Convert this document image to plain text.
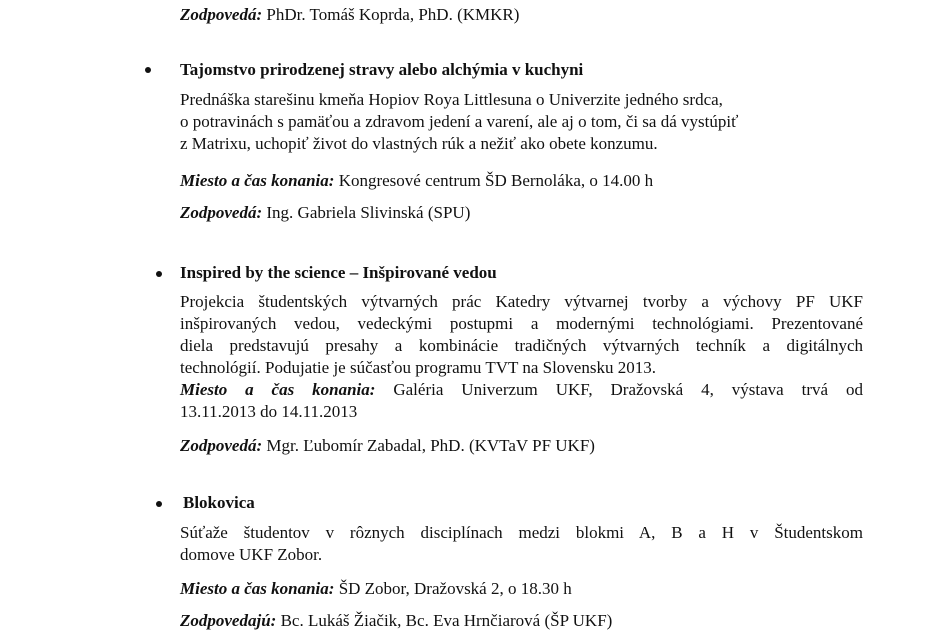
Zodpovedá: PhDr. Tomáš Koprda, PhD. (KMKR)
Tajomstvo prirodzenej stravy alebo alchýmia v kuchyni
Prednáška starešinu kmeňa Hopiov Roya Littlesuna o Univerzite jedného srdca,
o potravinách s pamäťou a zdravom jedení a varení, ale aj o tom, či sa dá vystúpiť
z Matrixu, uchopiť život do vlastných rúk a nežiť ako obete konzumu.
Miesto a čas konania: Kongresové centrum ŠD Bernoláka, o 14.00 h
Zodpovedá: Ing. Gabriela Slivinská (SPU)
Inspired by the science – Inšpirované vedou
Projekcia študentských výtvarných prác Katedry výtvarnej tvorby a výchovy PF UKF
inšpirovaných vedou, vedeckými postupmi a modernými technológiami. Prezentované
diela predstavujú presahy a kombinácie tradičných výtvarných techník a digitálnych
technológií. Podujatie je súčasťou programu TVT na Slovensku 2013.
Miesto a čas konania: Galéria Univerzum UKF, Dražovská 4, výstava trvá od
13.11.2013 do 14.11.2013
Zodpovedá: Mgr. Ľubomír Zabadal, PhD. (KVTaV PF UKF)
Blokovica
Súťaže študentov v rôznych disciplínach medzi blokmi A, B a H v Študentskom
domove UKF Zobor.
Miesto a čas konania: ŠD Zobor, Dražovská 2, o 18.30 h
Zodpovedajú: Bc. Lukáš Žiačik, Bc. Eva Hrnčiarová (ŠP UKF)
